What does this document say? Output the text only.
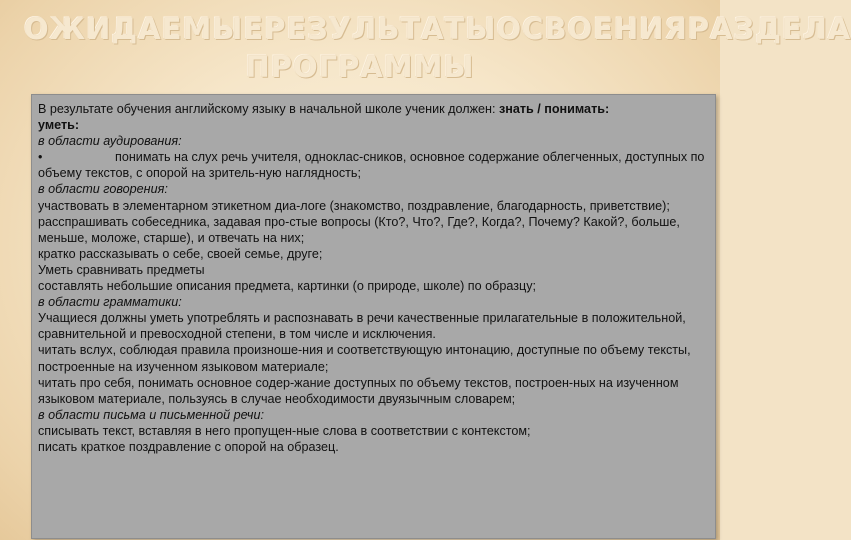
ОЖИДАЕМЫЕ РЕЗУЛЬТАТЫ ОСВОЕНИЯ РАЗДЕЛА
ПРОГРАММЫ
В результате обучения английскому языку в начальной школе ученик должен: знать / понимать:
уметь:
в области аудирования:
•	понимать на слух речь учителя, одноклас-сников, основное содержание облегченных, доступных по объему текстов, с опорой на зритель-ную наглядность;
в области говорения:
участвовать в элементарном этикетном диа-логе (знакомство, поздравление, благодарность, приветствие);
расспрашивать собеседника, задавая про-стые вопросы (Кто?, Что?, Где?, Когда?, Почему? Какой?, больше, меньше, моложе, старше), и отвечать на них;
кратко рассказывать о себе, своей семье, друге;
Уметь сравнивать предметы
составлять небольшие описания предмета, картинки (о природе, школе) по образцу;
в области грамматики:
Учащиеся должны уметь употреблять и распознавать в речи качественные прилагательные в положительной, сравнительной и превосходной степени, в том числе и исключения.
читать вслух, соблюдая правила произноше-ния и соответствующую интонацию, доступные по объему тексты, построенные на изученном языковом материале;
читать про себя, понимать основное содер-жание доступных по объему текстов, построен-ных на изученном языковом материале, пользуясь в случае необходимости двуязычным словарем;
в области письма и письменной речи:
списывать текст, вставляя в него пропущен-ные слова в соответствии с контекстом;
писать краткое поздравление с опорой на образец.
